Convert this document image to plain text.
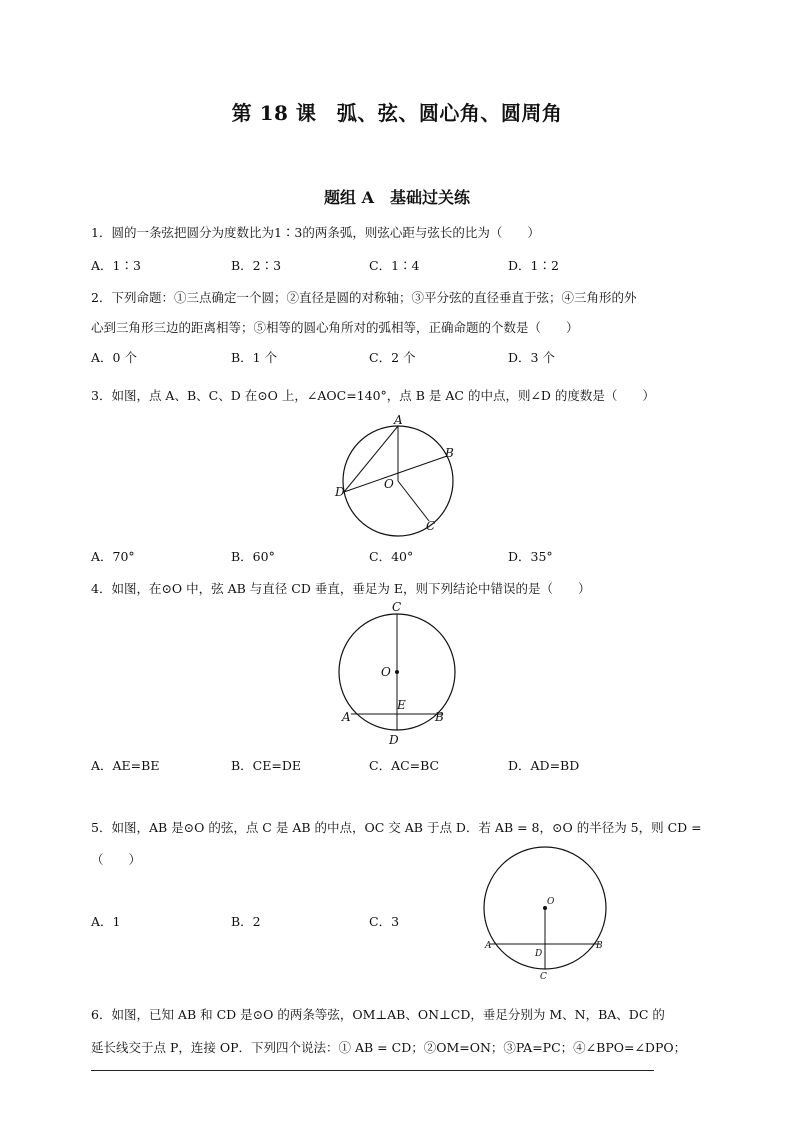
第 18 课　弧、弦、圆心角、圆周角
题组 A　基础过关练
1．圆的一条弦把圆分为度数比为1∶3的两条弧，则弦心距与弦长的比为（　　）
A．1∶3	B．2∶3	C．1∶4	D．1∶2
2．下列命题：①三点确定一个圆；②直径是圆的对称轴；③平分弦的直径垂直于弦；④三角形的外
心到三角形三边的距离相等；⑤相等的圆心角所对的弧相等，正确命题的个数是（　　）
A．0 个	B．1 个	C．2 个	D．3 个
3．如图，点 A、B、C、D 在⊙O 上，∠AOC=140°，点 B 是 AC 的中点，则∠D 的度数是（　　）
A
B
C
D
O
A．70°	B．60°	C．40°	D．35°
4．如图，在⊙O 中，弦 AB 与直径 CD 垂直，垂足为 E，则下列结论中错误的是（　　）
C
O
E
A	B
D
A．AE=BE	B．CE=DE	C．AC=BC	D．AD=BD
5．如图，AB 是⊙O 的弦，点 C 是 AB 的中点，OC 交 AB 于点 D．若 AB = 8，⊙O 的半径为 5，则 CD =
（　　）
O
A
D
B
C
A．1	B．2	C．3
6．如图，已知 AB 和 CD 是⊙O 的两条等弦，OM⊥AB、ON⊥CD，垂足分别为 M、N，BA、DC 的
延长线交于点 P，连接 OP．下列四个说法：① AB = CD；②OM=ON；③PA=PC；④∠BPO=∠DPO；
